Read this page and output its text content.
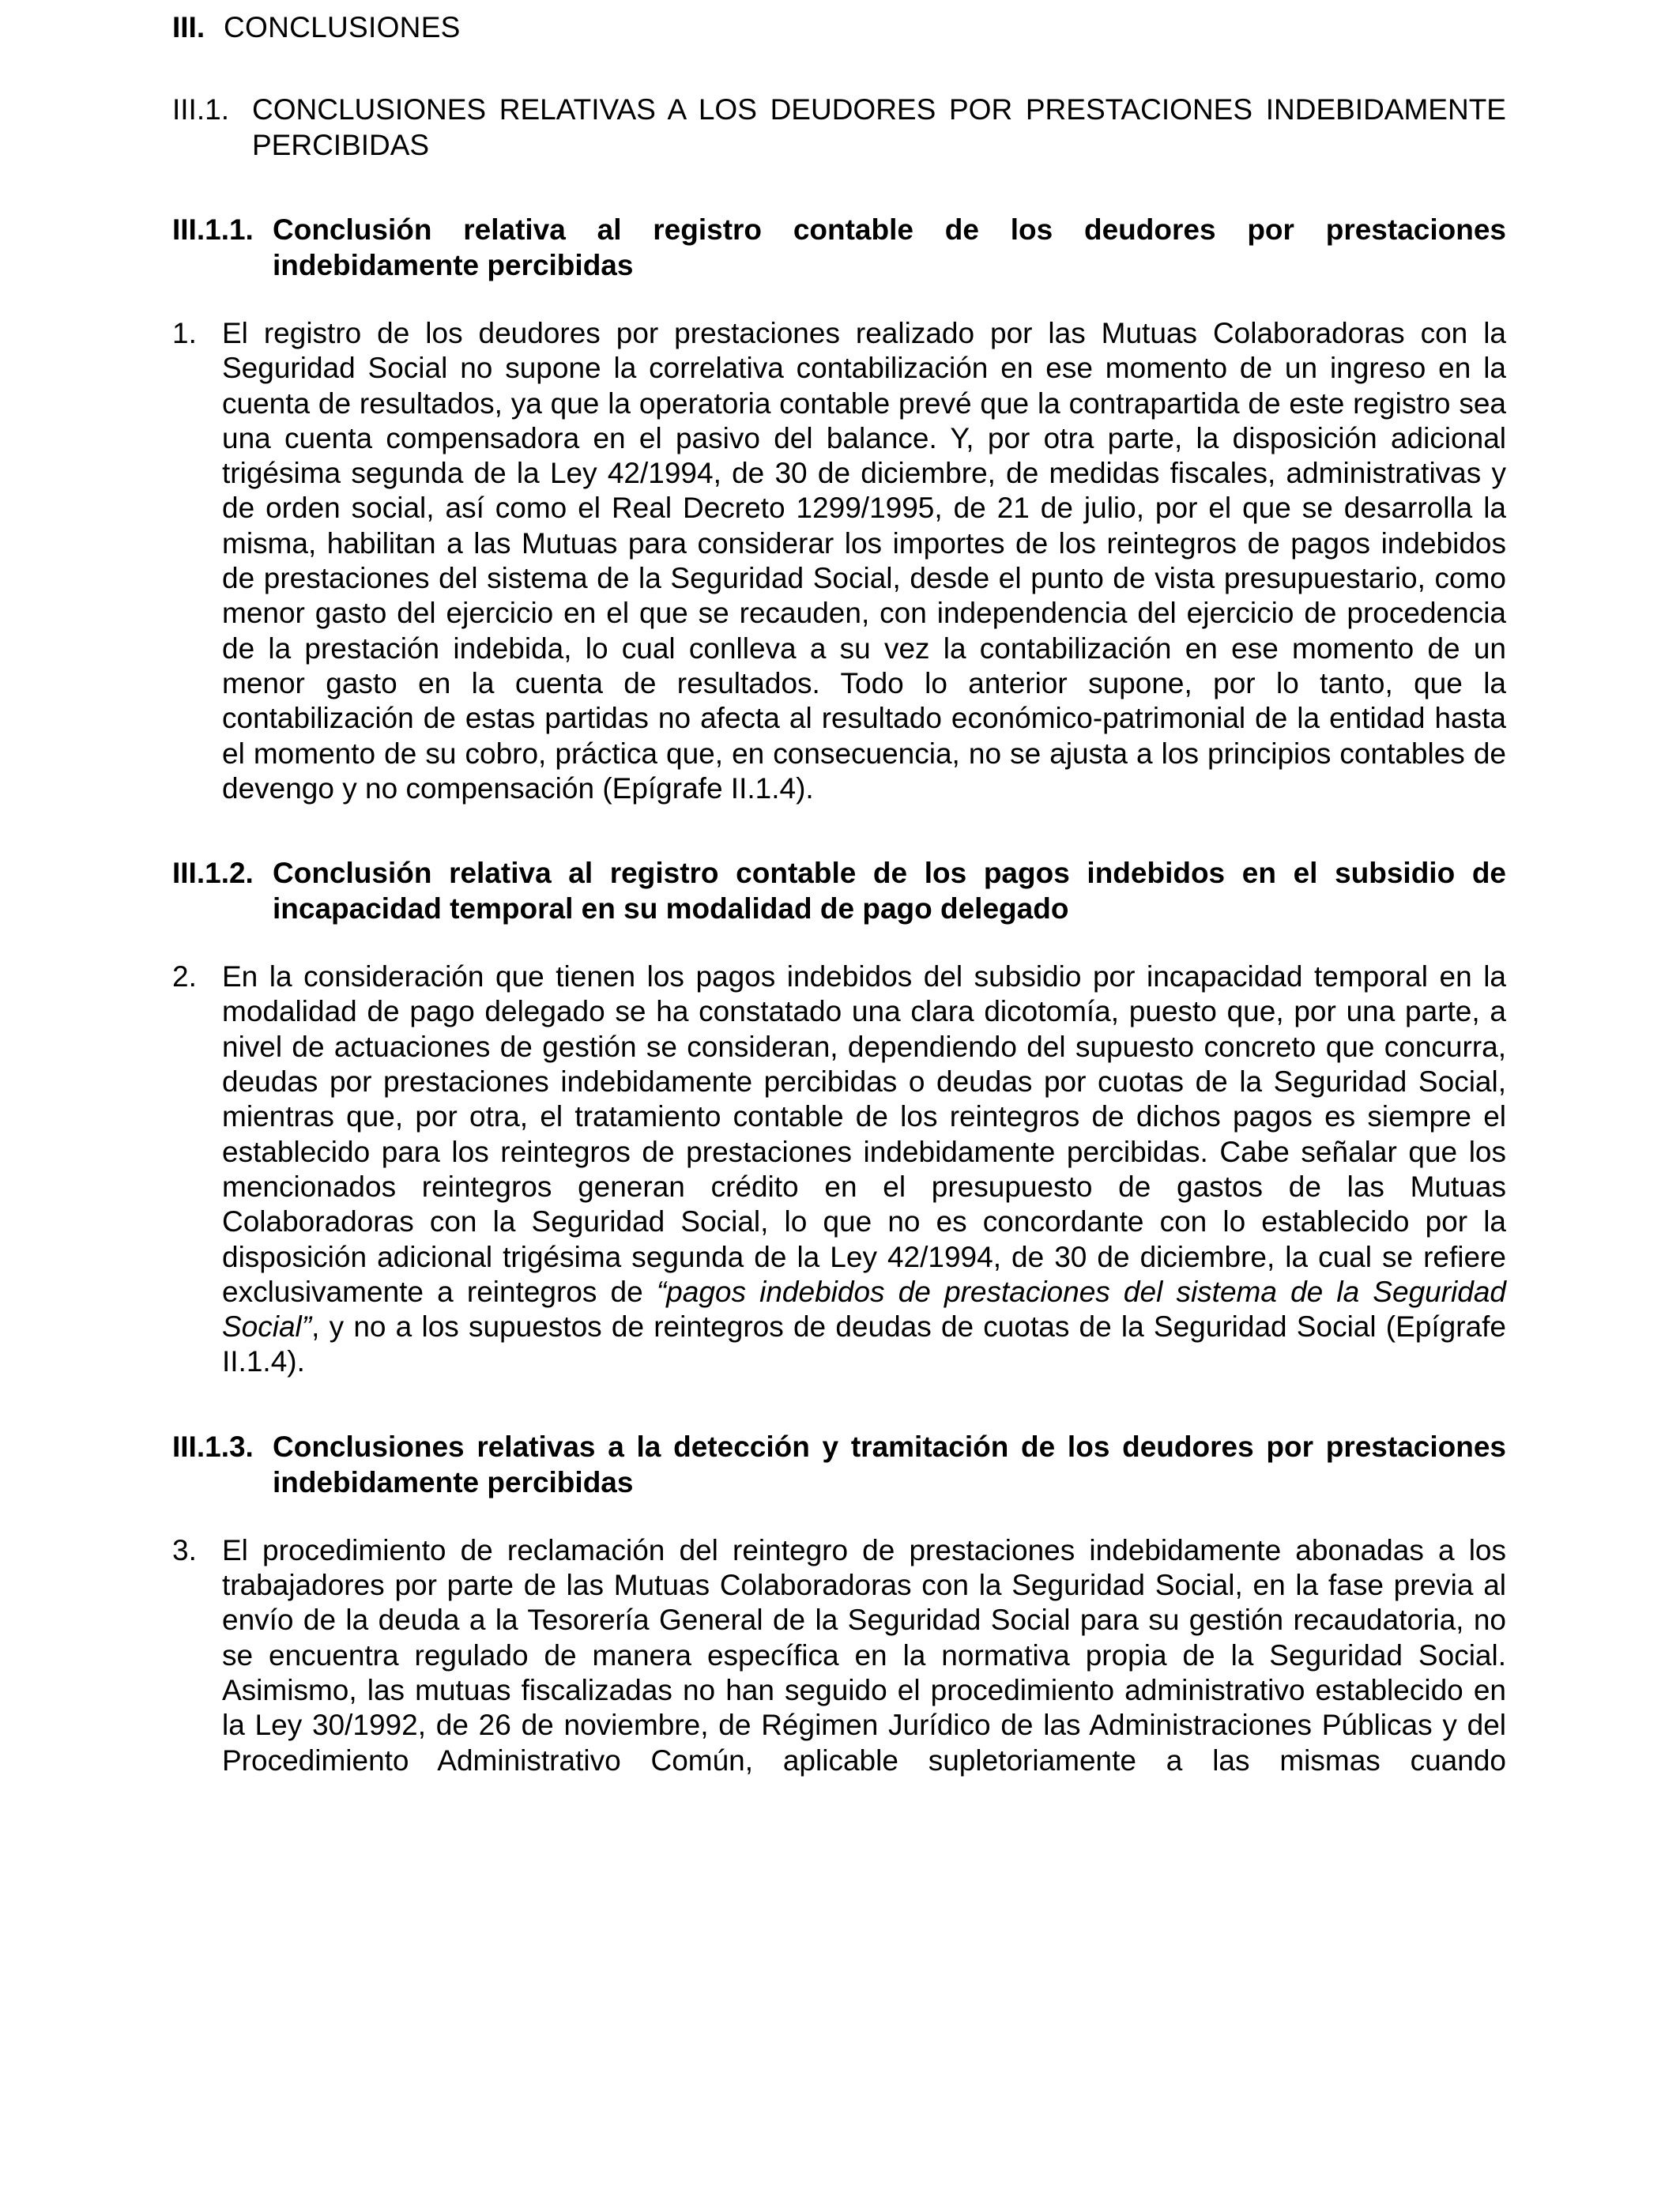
III. CONCLUSIONES
III.1. CONCLUSIONES RELATIVAS A LOS DEUDORES POR PRESTACIONES INDEBIDAMENTE PERCIBIDAS
III.1.1. Conclusión relativa al registro contable de los deudores por prestaciones indebidamente percibidas
1. El registro de los deudores por prestaciones realizado por las Mutuas Colaboradoras con la Seguridad Social no supone la correlativa contabilización en ese momento de un ingreso en la cuenta de resultados, ya que la operatoria contable prevé que la contrapartida de este registro sea una cuenta compensadora en el pasivo del balance. Y, por otra parte, la disposición adicional trigésima segunda de la Ley 42/1994, de 30 de diciembre, de medidas fiscales, administrativas y de orden social, así como el Real Decreto 1299/1995, de 21 de julio, por el que se desarrolla la misma, habilitan a las Mutuas para considerar los importes de los reintegros de pagos indebidos de prestaciones del sistema de la Seguridad Social, desde el punto de vista presupuestario, como menor gasto del ejercicio en el que se recauden, con independencia del ejercicio de procedencia de la prestación indebida, lo cual conlleva a su vez la contabilización en ese momento de un menor gasto en la cuenta de resultados. Todo lo anterior supone, por lo tanto, que la contabilización de estas partidas no afecta al resultado económico-patrimonial de la entidad hasta el momento de su cobro, práctica que, en consecuencia, no se ajusta a los principios contables de devengo y no compensación (Epígrafe II.1.4).
III.1.2. Conclusión relativa al registro contable de los pagos indebidos en el subsidio de incapacidad temporal en su modalidad de pago delegado
2. En la consideración que tienen los pagos indebidos del subsidio por incapacidad temporal en la modalidad de pago delegado se ha constatado una clara dicotomía, puesto que, por una parte, a nivel de actuaciones de gestión se consideran, dependiendo del supuesto concreto que concurra, deudas por prestaciones indebidamente percibidas o deudas por cuotas de la Seguridad Social, mientras que, por otra, el tratamiento contable de los reintegros de dichos pagos es siempre el establecido para los reintegros de prestaciones indebidamente percibidas. Cabe señalar que los mencionados reintegros generan crédito en el presupuesto de gastos de las Mutuas Colaboradoras con la Seguridad Social, lo que no es concordante con lo establecido por la disposición adicional trigésima segunda de la Ley 42/1994, de 30 de diciembre, la cual se refiere exclusivamente a reintegros de “pagos indebidos de prestaciones del sistema de la Seguridad Social”, y no a los supuestos de reintegros de deudas de cuotas de la Seguridad Social (Epígrafe II.1.4).
III.1.3. Conclusiones relativas a la detección y tramitación de los deudores por prestaciones indebidamente percibidas
3. El procedimiento de reclamación del reintegro de prestaciones indebidamente abonadas a los trabajadores por parte de las Mutuas Colaboradoras con la Seguridad Social, en la fase previa al envío de la deuda a la Tesorería General de la Seguridad Social para su gestión recaudatoria, no se encuentra regulado de manera específica en la normativa propia de la Seguridad Social. Asimismo, las mutuas fiscalizadas no han seguido el procedimiento administrativo establecido en la Ley 30/1992, de 26 de noviembre, de Régimen Jurídico de las Administraciones Públicas y del Procedimiento Administrativo Común, aplicable supletoriamente a las mismas cuando
